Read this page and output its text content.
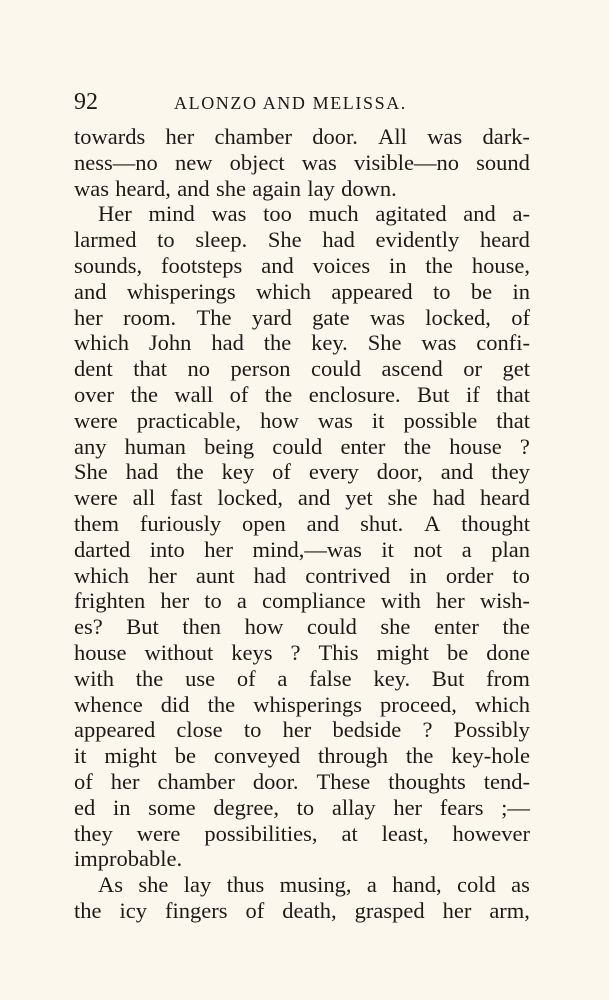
92	ALONZO AND MELISSA.
towards her chamber door. All was dark-
ness—no new object was visible—no sound
was heard, and she again lay down.
Her mind was too much agitated and a-
larmed to sleep. She had evidently heard
sounds, footsteps and voices in the house,
and whisperings which appeared to be in
her room. The yard gate was locked, of
which John had the key. She was confi-
dent that no person could ascend or get
over the wall of the enclosure. But if that
were practicable, how was it possible that
any human being could enter the house ?
She had the key of every door, and they
were all fast locked, and yet she had heard
them furiously open and shut. A thought
darted into her mind,—was it not a plan
which her aunt had contrived in order to
frighten her to a compliance with her wish-
es? But then how could she enter the
house without keys ? This might be done
with the use of a false key. But from
whence did the whisperings proceed, which
appeared close to her bedside ? Possibly
it might be conveyed through the key-hole
of her chamber door. These thoughts tend-
ed in some degree, to allay her fears ;—
they were possibilities, at least, however
improbable.
As she lay thus musing, a hand, cold as
the icy fingers of death, grasped her arm,
